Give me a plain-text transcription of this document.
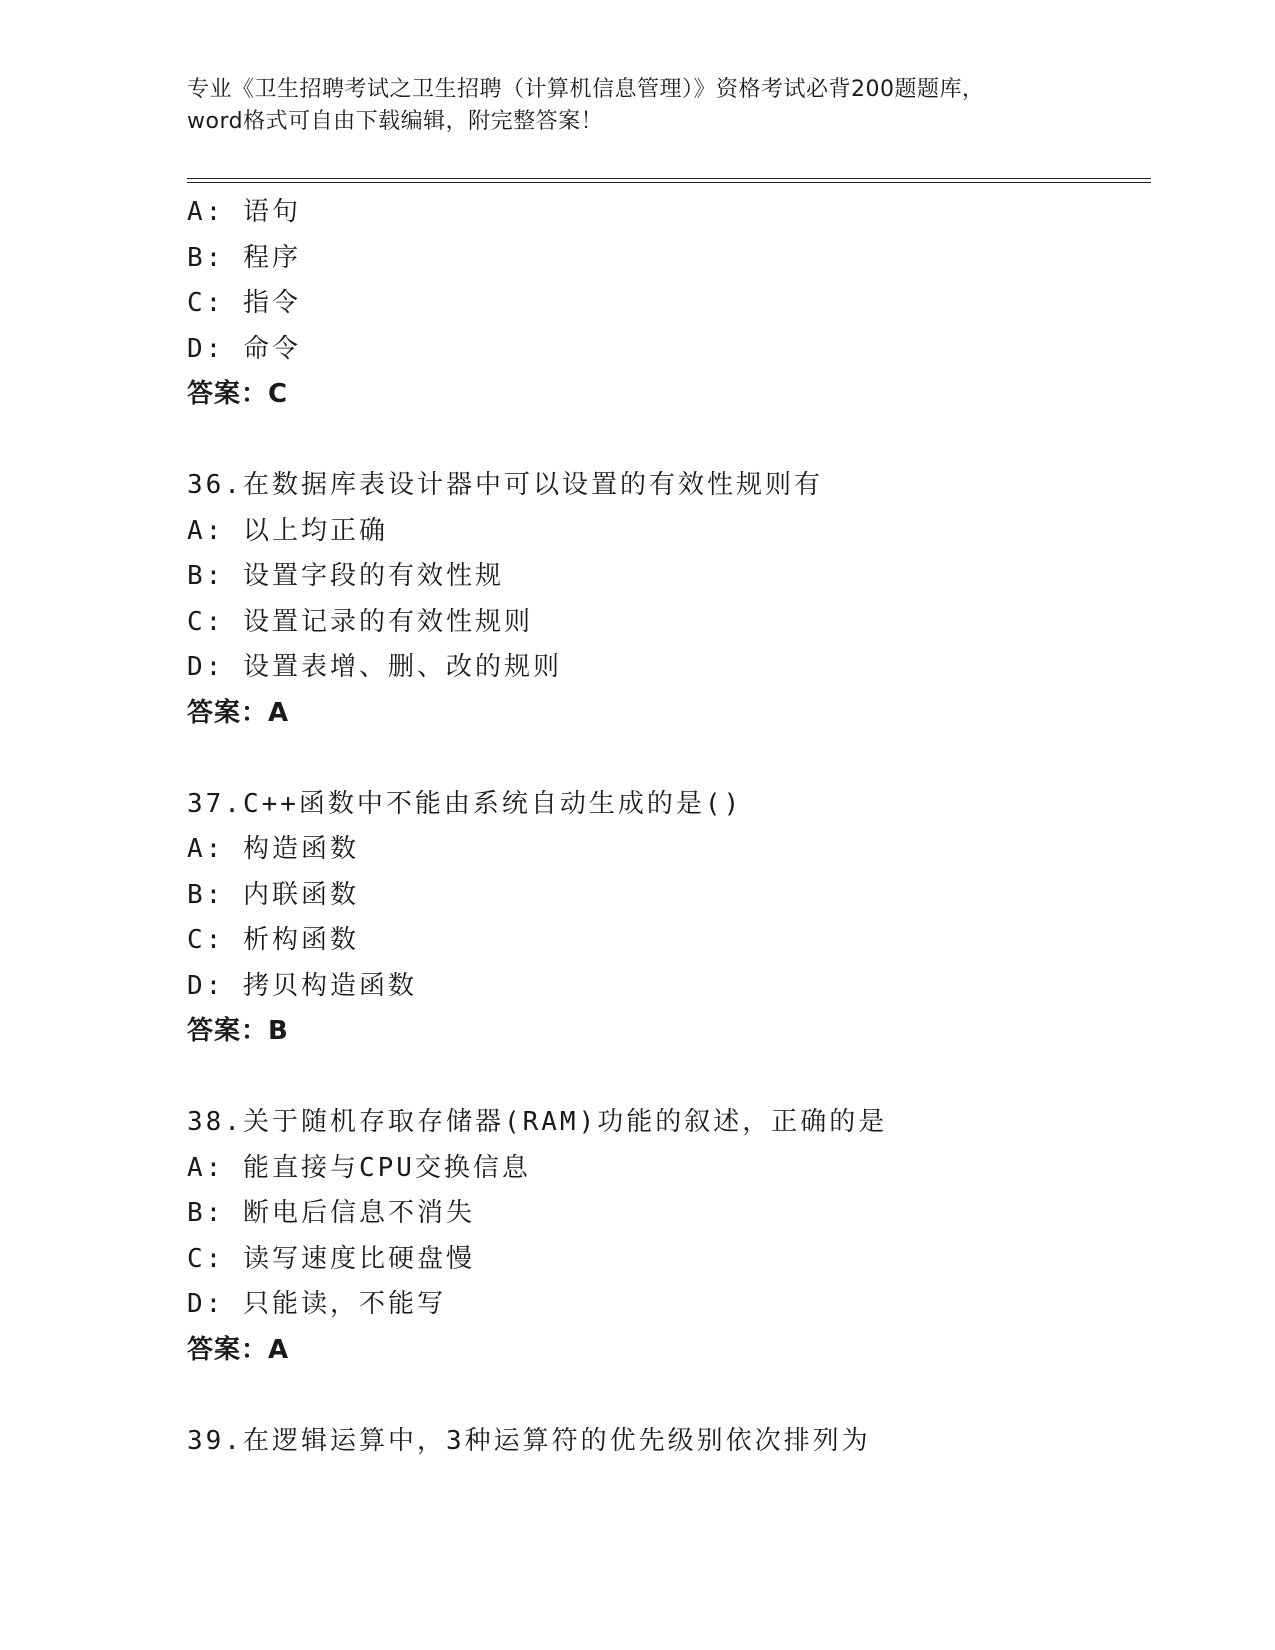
专业《卫生招聘考试之卫生招聘（计算机信息管理）》资格考试必背200题题库，

word格式可自由下载编辑，附完整答案！

A: 语句
B: 程序
C: 指令
D: 命令
答案：C
36.在数据库表设计器中可以设置的有效性规则有
A: 以上均正确
B: 设置字段的有效性规
C: 设置记录的有效性规则
D: 设置表增、删、改的规则
答案：A
37.C++函数中不能由系统自动生成的是()
A: 构造函数
B: 内联函数
C: 析构函数
D: 拷贝构造函数
答案：B
38.关于随机存取存储器(RAM)功能的叙述，正确的是
A: 能直接与CPU交换信息
B: 断电后信息不消失
C: 读写速度比硬盘慢
D: 只能读，不能写
答案：A
39.在逻辑运算中，3种运算符的优先级别依次排列为
